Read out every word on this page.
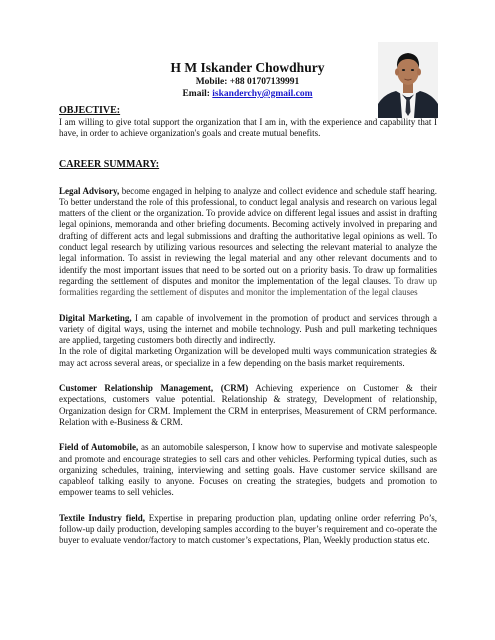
H M Iskander Chowdhury

Mobile: +88 01707139991
Email: iskanderchy@gmail.com

OBJECTIVE:

I am willing to give total support the organization that I am in, with the experience and capability that I have, in order to achieve organization's goals and create mutual benefits.

CAREER SUMMARY:

Legal Advisory, become engaged in helping to analyze and collect evidence and schedule staff hearing. To better understand the role of this professional, to conduct legal analysis and research on various legal matters of the client or the organization. To provide advice on different legal issues and assist in drafting legal opinions, memoranda and other briefing documents. Becoming actively involved in preparing and drafting of different acts and legal submissions and drafting the authoritative legal opinions as well. To conduct legal research by utilizing various resources and selecting the relevant material to analyze the legal information. To assist in reviewing the legal material and any other relevant documents and to identify the most important issues that need to be sorted out on a priority basis. To draw up formalities regarding the settlement of disputes and monitor the implementation of the legal clauses. To draw up formalities regarding the settlement of disputes and monitor the implementation of the legal clauses

Digital Marketing, I am capable of involvement in the promotion of product and services through a variety of digital ways, using the internet and mobile technology. Push and pull marketing techniques are applied, targeting customers both directly and indirectly.

In the role of digital marketing Organization will be developed multi ways communication strategies & may act across several areas, or specialize in a few depending on the basis market requirements.

Customer Relationship Management, (CRM) Achieving experience on Customer & their expectations, customers value potential. Relationship & strategy, Development of relationship, Organization design for CRM. Implement the CRM in enterprises, Measurement of CRM performance. Relation with e-Business & CRM.

Field of Automobile, as an automobile salesperson, I know how to supervise and motivate salespeople and promote and encourage strategies to sell cars and other vehicles. Performing typical duties, such as organizing schedules, training, interviewing and setting goals. Have customer service skillsand are capableof talking easily to anyone. Focuses on creating the strategies, budgets and promotion to empower teams to sell vehicles.

Textile Industry field, Expertise in preparing production plan, updating online order referring Po’s, follow-up daily production, developing samples according to the buyer’s requirement and co-operate the buyer to evaluate vendor/factory to match customer’s expectations, Plan, Weekly production status etc.
